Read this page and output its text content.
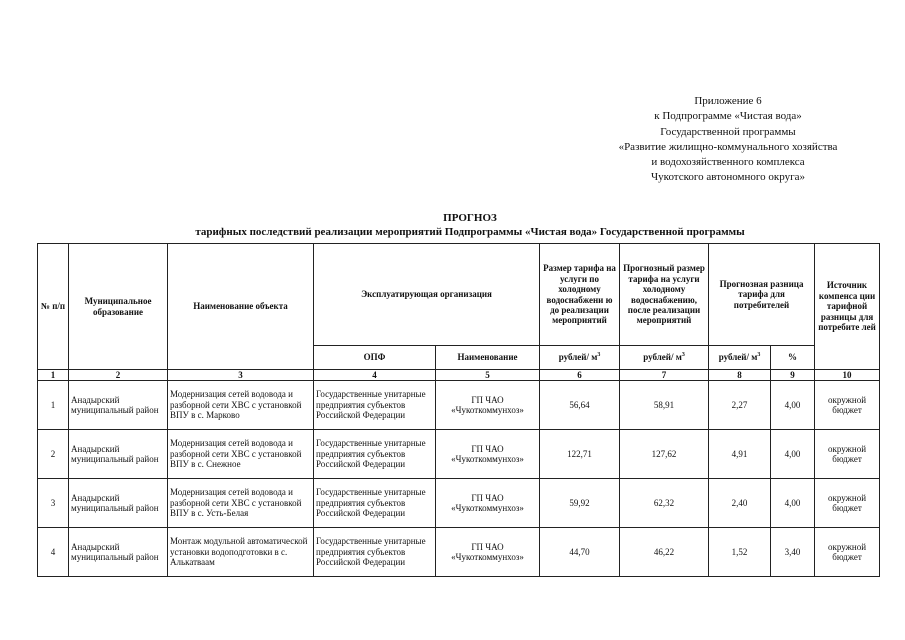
Приложение 6
к Подпрограмме «Чистая вода»
Государственной программы
«Развитие жилищно-коммунального хозяйства
и водохозяйственного комплекса
Чукотского автономного округа»
ПРОГНОЗ
тарифных последствий реализации мероприятий Подпрограммы «Чистая вода» Государственной программы
№ п/п	Муниципальное образование	Наименование объекта	Эксплуатирующая организация		Размер тарифа на услуги по холодному водоснабжени ю до реализации мероприятий	Прогнозный размер тарифа на услуги холодному водоснабжению, после реализации мероприятий	Прогнозная разница тарифа для потребителей		Источник компенса ции тарифной разницы для потребите лей
			ОПФ	Наименование	рублей/ $м^3$	рублей/ $м^3$	рублей/ $м^3$	%	
1	2	3	4	5	6	7	8	9	10
1	Анадырский муниципальный район	Модернизация сетей водовода и разборной сети ХВС с установкой ВПУ в с. Марково	Государственные унитарные предприятия субъектов Российской Федерации	ГП ЧАО «Чукоткоммунхоз»	56,64	58,91	2,27	4,00	окружной бюджет
2	Анадырский муниципальный район	Модернизация сетей водовода и разборной сети ХВС с установкой ВПУ в с. Снежное	Государственные унитарные предприятия субъектов Российской Федерации	ГП ЧАО «Чукоткоммунхоз»	122,71	127,62	4,91	4,00	окружной бюджет
3	Анадырский муниципальный район	Модернизация сетей водовода и разборной сети ХВС с установкой ВПУ в с. Усть-Белая	Государственные унитарные предприятия субъектов Российской Федерации	ГП ЧАО «Чукоткоммунхоз»	59,92	62,32	2,40	4,00	окружной бюджет
4	Анадырский муниципальный район	Монтаж модульной автоматической установки водоподготовки в с. Алькатваам	Государственные унитарные предприятия субъектов Российской Федерации	ГП ЧАО «Чукоткоммунхоз»	44,70	46,22	1,52	3,40	окружной бюджет
